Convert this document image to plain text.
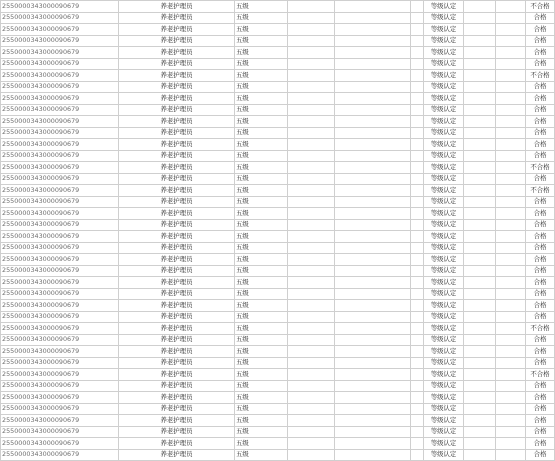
2550000343000090679	养老护理员	五级				等级认定			不合格
2550000343000090679	养老护理员	五级				等级认定			合格
2550000343000090679	养老护理员	五级				等级认定			合格
2550000343000090679	养老护理员	五级				等级认定			合格
2550000343000090679	养老护理员	五级				等级认定			合格
2550000343000090679	养老护理员	五级				等级认定			合格
2550000343000090679	养老护理员	五级				等级认定			不合格
2550000343000090679	养老护理员	五级				等级认定			合格
2550000343000090679	养老护理员	五级				等级认定			合格
2550000343000090679	养老护理员	五级				等级认定			合格
2550000343000090679	养老护理员	五级				等级认定			合格
2550000343000090679	养老护理员	五级				等级认定			合格
2550000343000090679	养老护理员	五级				等级认定			合格
2550000343000090679	养老护理员	五级				等级认定			合格
2550000343000090679	养老护理员	五级				等级认定			不合格
2550000343000090679	养老护理员	五级				等级认定			合格
2550000343000090679	养老护理员	五级				等级认定			不合格
2550000343000090679	养老护理员	五级				等级认定			合格
2550000343000090679	养老护理员	五级				等级认定			合格
2550000343000090679	养老护理员	五级				等级认定			合格
2550000343000090679	养老护理员	五级				等级认定			合格
2550000343000090679	养老护理员	五级				等级认定			合格
2550000343000090679	养老护理员	五级				等级认定			合格
2550000343000090679	养老护理员	五级				等级认定			合格
2550000343000090679	养老护理员	五级				等级认定			合格
2550000343000090679	养老护理员	五级				等级认定			合格
2550000343000090679	养老护理员	五级				等级认定			合格
2550000343000090679	养老护理员	五级				等级认定			合格
2550000343000090679	养老护理员	五级				等级认定			不合格
2550000343000090679	养老护理员	五级				等级认定			合格
2550000343000090679	养老护理员	五级				等级认定			合格
2550000343000090679	养老护理员	五级				等级认定			合格
2550000343000090679	养老护理员	五级				等级认定			不合格
2550000343000090679	养老护理员	五级				等级认定			合格
2550000343000090679	养老护理员	五级				等级认定			合格
2550000343000090679	养老护理员	五级				等级认定			合格
2550000343000090679	养老护理员	五级				等级认定			合格
2550000343000090679	养老护理员	五级				等级认定			合格
2550000343000090679	养老护理员	五级				等级认定			合格
2550000343000090679	养老护理员	五级				等级认定			合格
